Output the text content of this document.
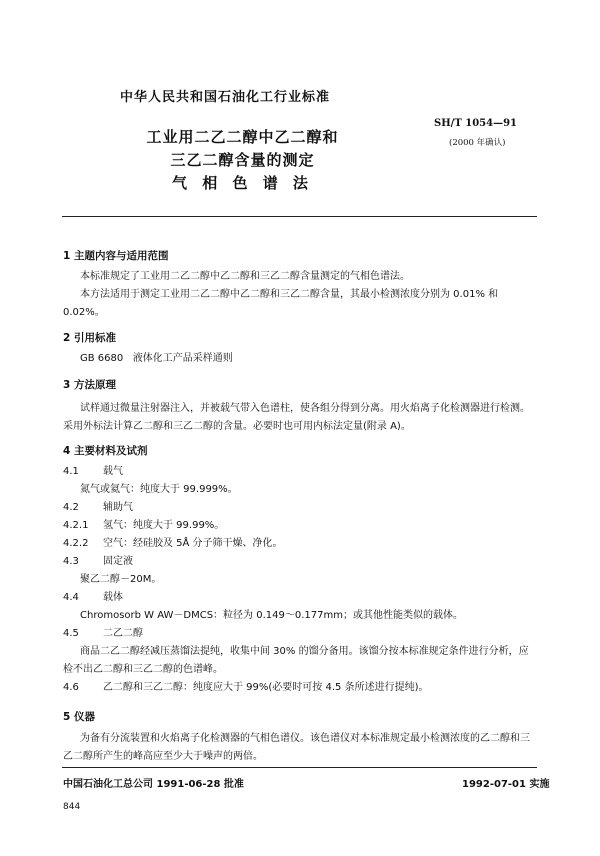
中华人民共和国石油化工行业标准
SH/T 1054—91
(2000 年确认)
工业用二乙二醇中乙二醇和
三乙二醇含量的测定
气 相 色 谱 法
1 主题内容与适用范围
本标准规定了工业用二乙二醇中乙二醇和三乙二醇含量测定的气相色谱法。
本方法适用于测定工业用二乙二醇中乙二醇和三乙二醇含量，其最小检测浓度分别为 0.01% 和 0.02%。
2 引用标准
GB 6680 液体化工产品采样通则
3 方法原理
试样通过微量注射器注入，并被载气带入色谱柱，使各组分得到分离。用火焰离子化检测器进行检测。采用外标法计算乙二醇和三乙二醇的含量。必要时也可用内标法定量(附录 A)。
4 主要材料及试剂
4.1 载气
氮气或氦气：纯度大于 99.999%。
4.2 辅助气
4.2.1 氢气：纯度大于 99.99%。
4.2.2 空气：经硅胶及 5Å 分子筛干燥、净化。
4.3 固定液
聚乙二醇－20M。
4.4 载体
Chromosorb W AW－DMCS：粒径为 0.149～0.177mm；或其他性能类似的载体。
4.5 二乙二醇
商品二乙二醇经减压蒸馏法提纯，收集中间 30% 的馏分备用。该馏分按本标准规定条件进行分析，应检不出乙二醇和三乙二醇的色谱峰。
4.6 乙二醇和三乙二醇：纯度应大于 99%(必要时可按 4.5 条所述进行提纯)。
5 仪器
为备有分流装置和火焰离子化检测器的气相色谱仪。该色谱仪对本标准规定最小检测浓度的乙二醇和三乙二醇所产生的峰高应至少大于噪声的两倍。
中国石油化工总公司 1991-06-28 批准	1992-07-01 实施
844
